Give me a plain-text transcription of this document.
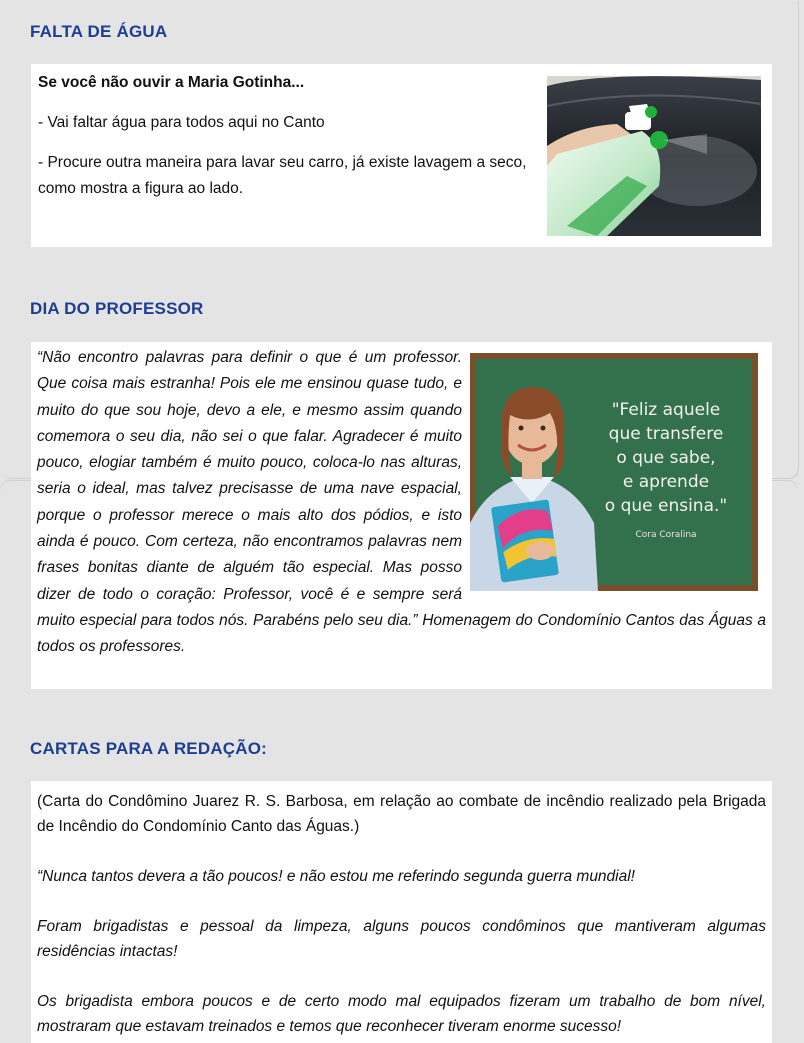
FALTA DE ÁGUA

Se você não ouvir a Maria Gotinha...

- Vai faltar água para todos aqui no Canto

- Procure outra maneira para lavar seu carro, já existe lavagem a seco, como mostra a figura ao lado.

DIA DO PROFESSOR
"Feliz aquele
que transfere
o que sabe,
e aprende
o que ensina."
Cora Coralina

“Não encontro palavras para definir o que é um professor. Que coisa mais estranha! Pois ele me ensinou quase tudo, e muito do que sou hoje, devo a ele, e mesmo assim quando comemora o seu dia, não sei o que falar. Agradecer é muito pouco, elogiar também é muito pouco, coloca-lo nas alturas, seria o ideal, mas talvez precisasse de uma nave espacial, porque o professor merece o mais alto dos pódios, e isto ainda é pouco. Com certeza, não encontramos palavras nem frases bonitas diante de alguém tão especial. Mas posso dizer de todo o coração: Professor, você é e sempre será muito especial para todos nós. Parabéns pelo seu dia.” Homenagem do Condomínio Cantos das Águas a todos os professores.

CARTAS PARA A REDAÇÃO:

(Carta do Condômino Juarez R. S. Barbosa, em relação ao combate de incêndio realizado pela Brigada de Incêndio do Condomínio Canto das Águas.)

“Nunca tantos devera a tão poucos! e não estou me referindo segunda guerra mundial!

Foram brigadistas e pessoal da limpeza, alguns poucos condôminos que mantiveram algumas residências intactas!

Os brigadista embora poucos e de certo modo mal equipados fizeram um trabalho de bom nível, mostraram que estavam treinados e temos que reconhecer tiveram enorme sucesso!
